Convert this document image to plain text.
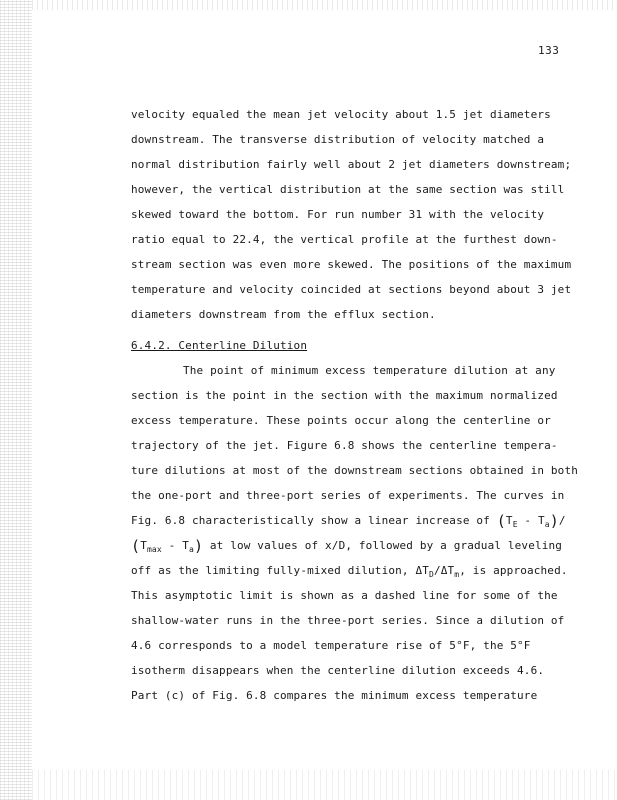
133
velocity equaled the mean jet velocity about 1.5 jet diameters
downstream. The transverse distribution of velocity matched a
normal distribution fairly well about 2 jet diameters downstream;
however, the vertical distribution at the same section was still
skewed toward the bottom. For run number 31 with the velocity
ratio equal to 22.4, the vertical profile at the furthest down-
stream section was even more skewed. The positions of the maximum
temperature and velocity coincided at sections beyond about 3 jet
diameters downstream from the efflux section.
6.4.2. Centerline Dilution
The point of minimum excess temperature dilution at any
section is the point in the section with the maximum normalized
excess temperature. These points occur along the centerline or
trajectory of the jet. Figure 6.8 shows the centerline tempera-
ture dilutions at most of the downstream sections obtained in both
the one-port and three-port series of experiments. The curves in
Fig. 6.8 characteristically show a linear increase of $(T_E - T_a)/$
$(T_{max} - T_a)$ at low values of x/D, followed by a gradual leveling
off as the limiting fully-mixed dilution, $\Delta T_D/\Delta T_m$, is approached.
This asymptotic limit is shown as a dashed line for some of the
shallow-water runs in the three-port series. Since a dilution of
4.6 corresponds to a model temperature rise of 5°F, the 5°F
isotherm disappears when the centerline dilution exceeds 4.6.
Part (c) of Fig. 6.8 compares the minimum excess temperature
